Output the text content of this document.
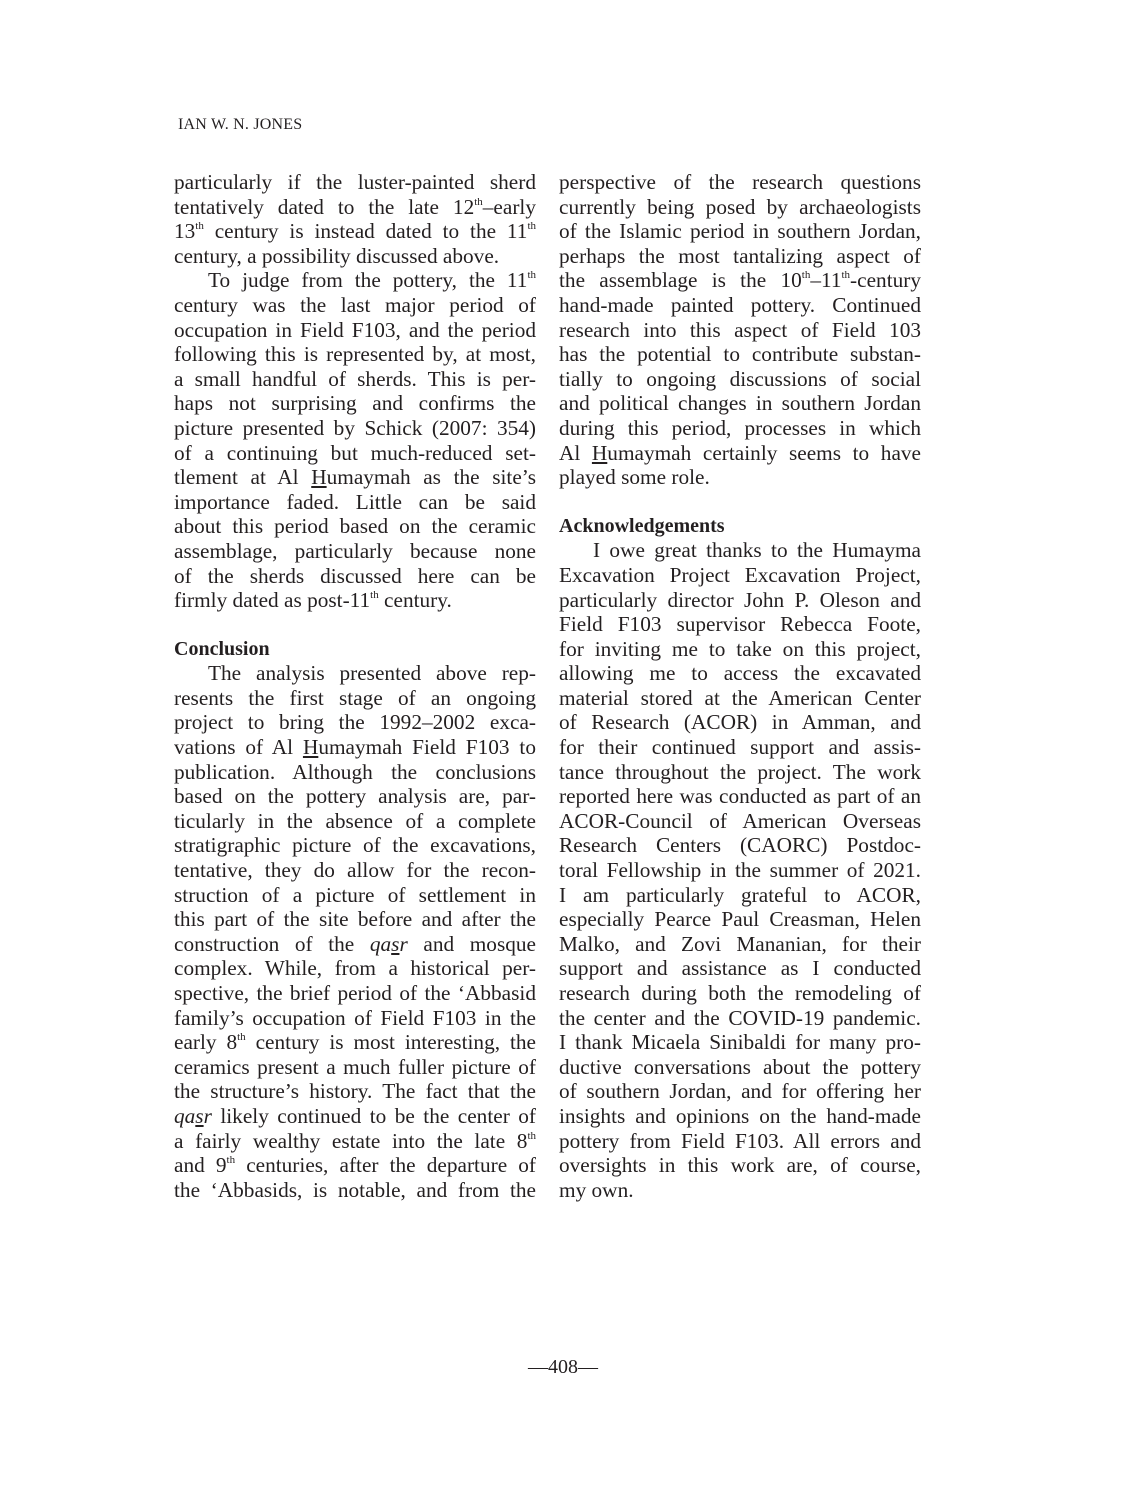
IAN W. N. JONES
particularly if the luster-painted sherd
tentatively dated to the late 12th–early
13th century is instead dated to the 11th
century, a possibility discussed above.
To judge from the pottery, the 11th
century was the last major period of
occupation in Field F103, and the period
following this is represented by, at most,
a small handful of sherds. This is per-
haps not surprising and confirms the
picture presented by Schick (2007: 354)
of a continuing but much-reduced set-
tlement at Al Humaymah as the site’s
importance faded. Little can be said
about this period based on the ceramic
assemblage, particularly because none
of the sherds discussed here can be
firmly dated as post-11th century.
Conclusion
The analysis presented above rep-
resents the first stage of an ongoing
project to bring the 1992–2002 exca-
vations of Al Humaymah Field F103 to
publication. Although the conclusions
based on the pottery analysis are, par-
ticularly in the absence of a complete
stratigraphic picture of the excavations,
tentative, they do allow for the recon-
struction of a picture of settlement in
this part of the site before and after the
construction of the qasr and mosque
complex. While, from a historical per-
spective, the brief period of the ‘Abbasid
family’s occupation of Field F103 in the
early 8th century is most interesting, the
ceramics present a much fuller picture of
the structure’s history. The fact that the
qasr likely continued to be the center of
a fairly wealthy estate into the late 8th
and 9th centuries, after the departure of
the ‘Abbasids, is notable, and from the
perspective of the research questions
currently being posed by archaeologists
of the Islamic period in southern Jordan,
perhaps the most tantalizing aspect of
the assemblage is the 10th–11th-century
hand-made painted pottery. Continued
research into this aspect of Field 103
has the potential to contribute substan-
tially to ongoing discussions of social
and political changes in southern Jordan
during this period, processes in which
Al Humaymah certainly seems to have
played some role.
Acknowledgements
I owe great thanks to the Humayma
Excavation Project Excavation Project,
particularly director John P. Oleson and
Field F103 supervisor Rebecca Foote,
for inviting me to take on this project,
allowing me to access the excavated
material stored at the American Center
of Research (ACOR) in Amman, and
for their continued support and assis-
tance throughout the project. The work
reported here was conducted as part of an
ACOR-Council of American Overseas
Research Centers (CAORC) Postdoc-
toral Fellowship in the summer of 2021.
I am particularly grateful to ACOR,
especially Pearce Paul Creasman, Helen
Malko, and Zovi Mananian, for their
support and assistance as I conducted
research during both the remodeling of
the center and the COVID-19 pandemic.
I thank Micaela Sinibaldi for many pro-
ductive conversations about the pottery
of southern Jordan, and for offering her
insights and opinions on the hand-made
pottery from Field F103. All errors and
oversights in this work are, of course,
my own.
—408—
